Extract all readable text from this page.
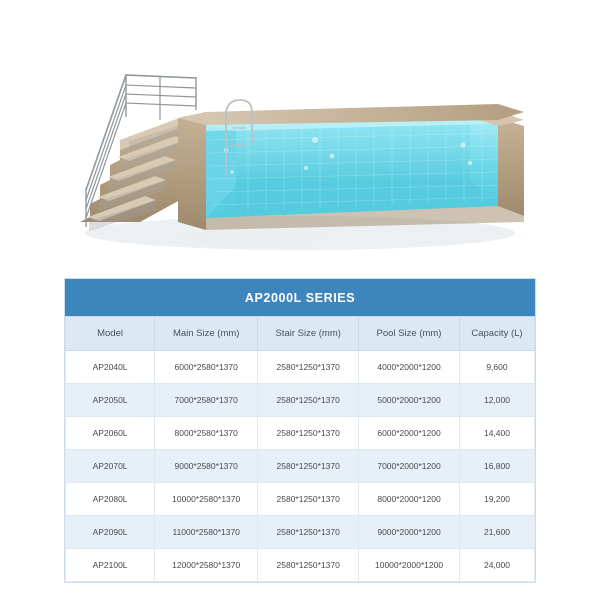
AP2000L SERIES
Model	Main Size (mm)	Stair Size (mm)	Pool Size (mm)	Capacity (L)
AP2040L	6000*2580*1370	2580*1250*1370	4000*2000*1200	9,600
AP2050L	7000*2580*1370	2580*1250*1370	5000*2000*1200	12,000
AP2060L	8000*2580*1370	2580*1250*1370	6000*2000*1200	14,400
AP2070L	9000*2580*1370	2580*1250*1370	7000*2000*1200	16,800
AP2080L	10000*2580*1370	2580*1250*1370	8000*2000*1200	19,200
AP2090L	11000*2580*1370	2580*1250*1370	9000*2000*1200	21,600
AP2100L	12000*2580*1370	2580*1250*1370	10000*2000*1200	24,000
